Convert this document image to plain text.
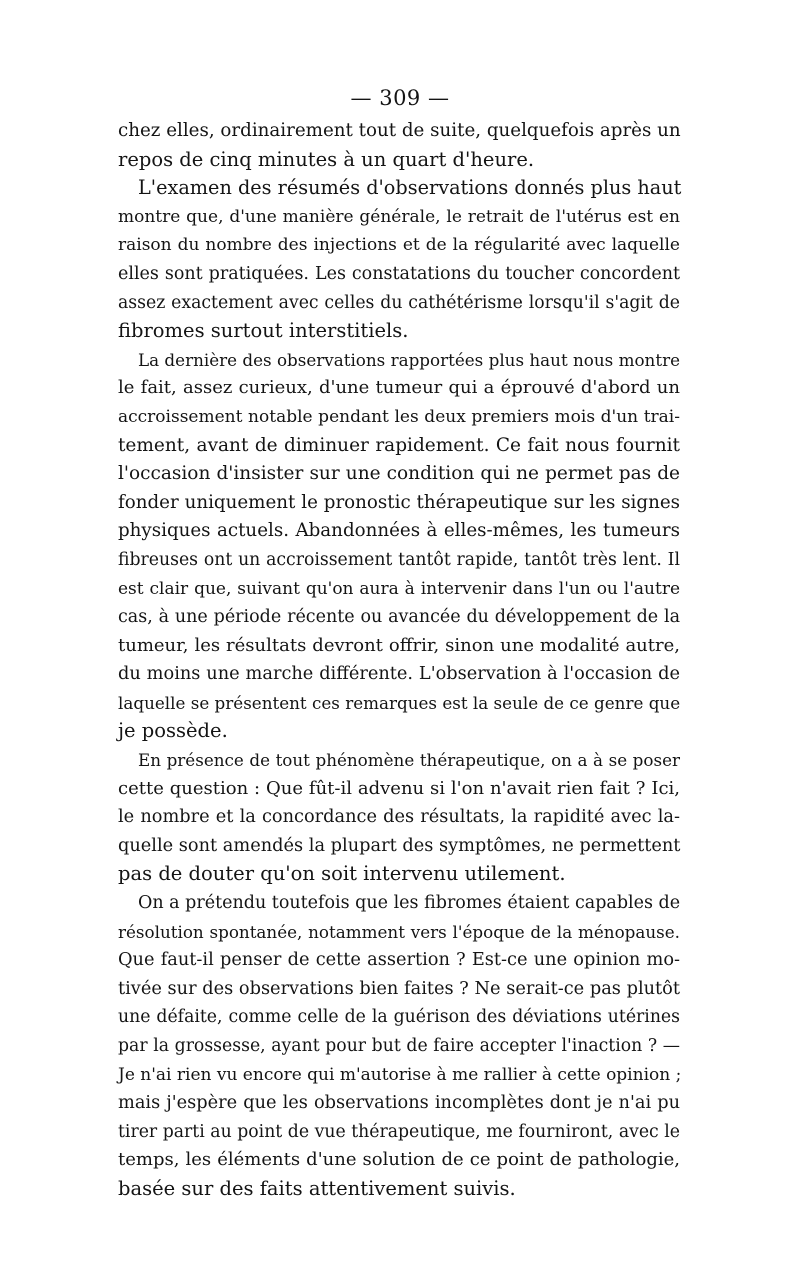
— 309 —
chez elles, ordinairement tout de suite, quelquefois après un
repos de cinq minutes à un quart d'heure.
L'examen des résumés d'observations donnés plus haut
montre que, d'une manière générale, le retrait de l'utérus est en
raison du nombre des injections et de la régularité avec laquelle
elles sont pratiquées. Les constatations du toucher concordent
assez exactement avec celles du cathétérisme lorsqu'il s'agit de
fibromes surtout interstitiels.
La dernière des observations rapportées plus haut nous montre
le fait, assez curieux, d'une tumeur qui a éprouvé d'abord un
accroissement notable pendant les deux premiers mois d'un trai-
tement, avant de diminuer rapidement. Ce fait nous fournit
l'occasion d'insister sur une condition qui ne permet pas de
fonder uniquement le pronostic thérapeutique sur les signes
physiques actuels. Abandonnées à elles-mêmes, les tumeurs
fibreuses ont un accroissement tantôt rapide, tantôt très lent. Il
est clair que, suivant qu'on aura à intervenir dans l'un ou l'autre
cas, à une période récente ou avancée du développement de la
tumeur, les résultats devront offrir, sinon une modalité autre,
du moins une marche différente. L'observation à l'occasion de
laquelle se présentent ces remarques est la seule de ce genre que
je possède.
En présence de tout phénomène thérapeutique, on a à se poser
cette question : Que fût-il advenu si l'on n'avait rien fait ? Ici,
le nombre et la concordance des résultats, la rapidité avec la-
quelle sont amendés la plupart des symptômes, ne permettent
pas de douter qu'on soit intervenu utilement.
On a prétendu toutefois que les fibromes étaient capables de
résolution spontanée, notamment vers l'époque de la ménopause.
Que faut-il penser de cette assertion ? Est-ce une opinion mo-
tivée sur des observations bien faites ? Ne serait-ce pas plutôt
une défaite, comme celle de la guérison des déviations utérines
par la grossesse, ayant pour but de faire accepter l'inaction ? —
Je n'ai rien vu encore qui m'autorise à me rallier à cette opinion ;
mais j'espère que les observations incomplètes dont je n'ai pu
tirer parti au point de vue thérapeutique, me fourniront, avec le
temps, les éléments d'une solution de ce point de pathologie,
basée sur des faits attentivement suivis.
